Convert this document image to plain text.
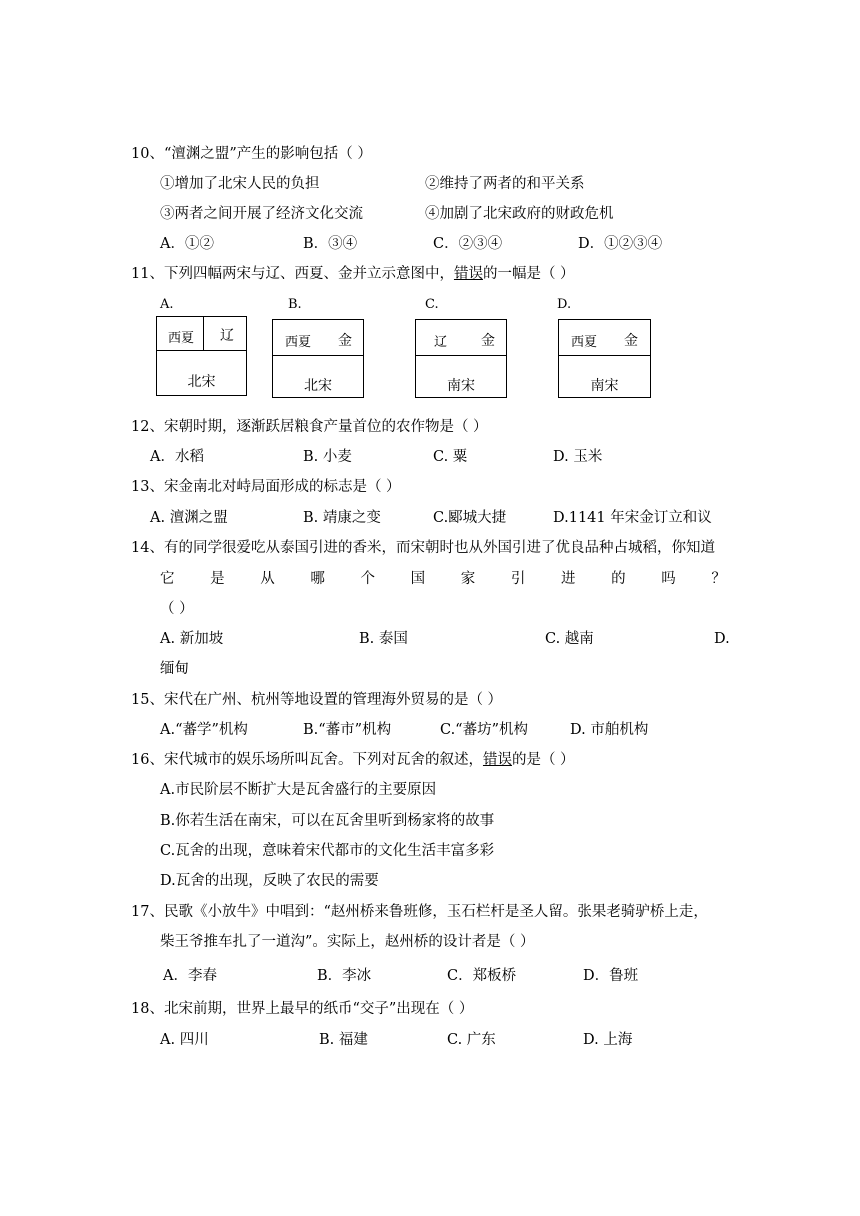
10、“澶渊之盟”产生的影响包括（ ）
①增加了北宋人民的负担	②维持了两者的和平关系
③两者之间开展了经济文化交流	④加剧了北宋政府的财政危机
A．①②	B．③④	C．②③④	D．①②③④
11、下列四幅两宋与辽、西夏、金并立示意图中，错误的一幅是（ ）
A.
西夏 辽
北宋
B.
西夏 金
北宋
C.
辽 金
南宋
D.
西夏 金
南宋
12、宋朝时期，逐渐跃居粮食产量首位的农作物是（ ）
A．水稻	B. 小麦	C. 粟	D. 玉米
13、宋金南北对峙局面形成的标志是（ ）
A. 澶渊之盟	B. 靖康之变	C.郾城大捷	D.1141 年宋金订立和议
14、有的同学很爱吃从泰国引进的香米，而宋朝时也从外国引进了优良品种占城稻，你知道
它 是 从 哪 个 国 家 引 进 的 吗 ？
（ ）
A. 新加坡	B. 泰国	C. 越南	D.
缅甸
15、宋代在广州、杭州等地设置的管理海外贸易的是（ ）
A.“蕃学”机构	B.“蕃市”机构	C.“蕃坊”机构	D. 市舶机构
16、宋代城市的娱乐场所叫瓦舍。下列对瓦舍的叙述，错误的是（ ）
A.市民阶层不断扩大是瓦舍盛行的主要原因
B.你若生活在南宋，可以在瓦舍里听到杨家将的故事
C.瓦舍的出现，意味着宋代都市的文化生活丰富多彩
D.瓦舍的出现，反映了农民的需要
17、民歌《小放牛》中唱到：“赵州桥来鲁班修，玉石栏杆是圣人留。张果老骑驴桥上走，
柴王爷推车扎了一道沟”。实际上，赵州桥的设计者是（ ）
A．李春	B．李冰	C．郑板桥	D．鲁班
18、北宋前期，世界上最早的纸币“交子”出现在（ ）
A. 四川	B. 福建	C. 广东	D. 上海
